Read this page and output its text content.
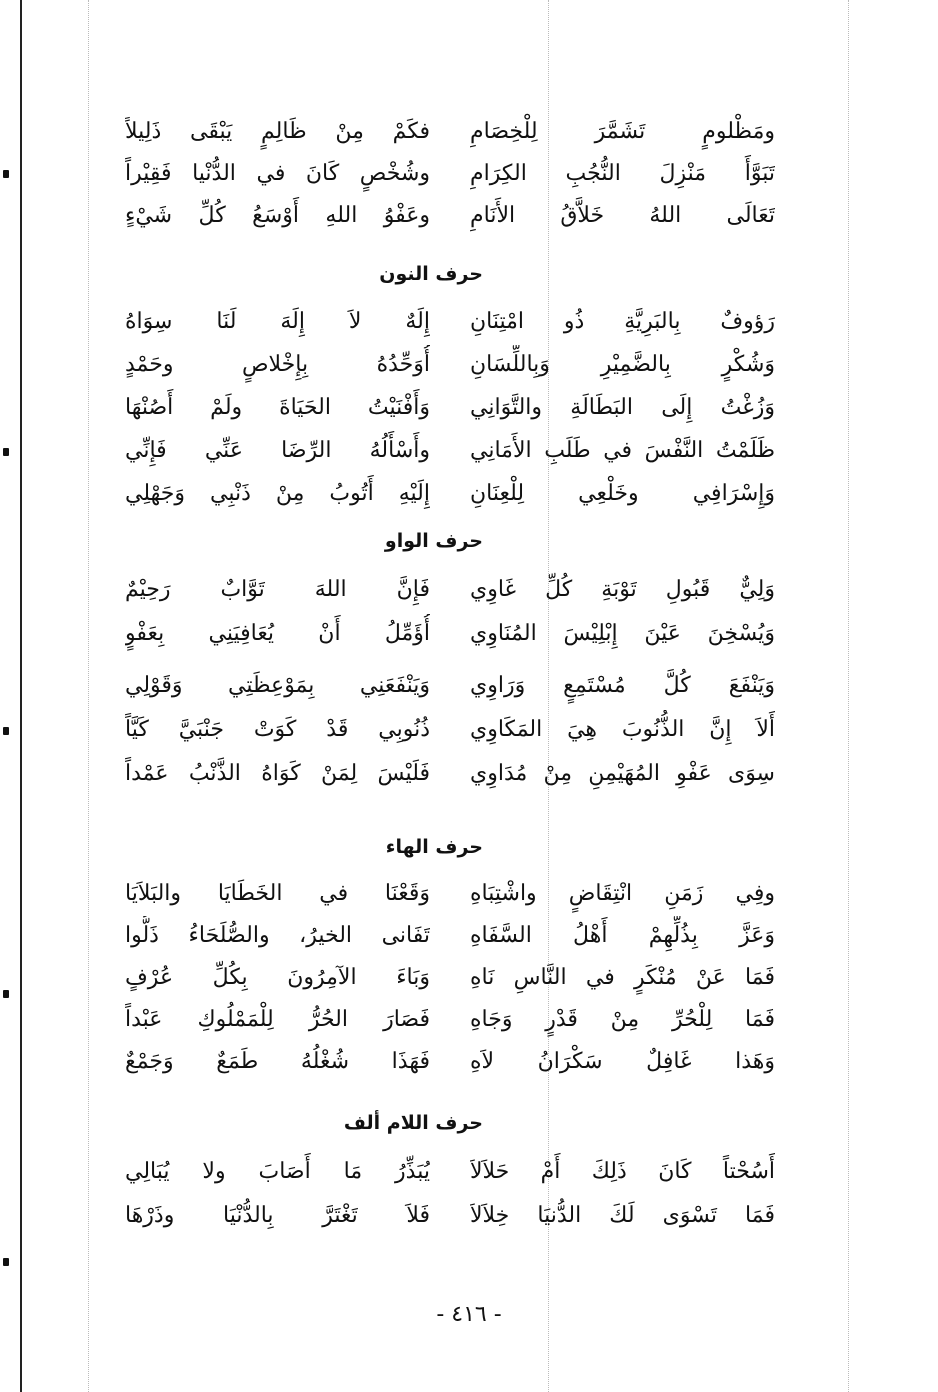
فكَمْ مِنْ ظَالِمٍ يَبْقَى ذَلِيلاً ومَظْلومٍ تَشَمَّرَ لِلْخِصَامِ
وشُخْصٍ كَانَ في الدُّنْيا فَقِيْراً تَبَوَّأَ مَنْزِلَ النُّجُبِ الكِرَامِ
وعَفْوُ اللهِ أَوْسَعُ كُلِّ شَيْءٍ تَعَالَى اللهُ خَلاَّقُ الأَنَامِ
حرف النون
إِلَهٌ لاَ إِلَهَ لَنَا سِوَاهُ رَؤوفٌ بِالبَرِيَّةِ ذُو امْتِنَانِ
أُوَحِّدُهُ بِإِخْلاصٍ وحَمْدٍ وَشُكْرٍ بِالضَّمِيْرِ وَبِاللِّسَانِ
وَأَفْنَيْتُ الحَيَاةَ ولَمْ أَصُنْهَا وَزُغْتُ إِلَى البَطَالَةِ والتَّوَانِي
وأَسْأَلُهُ الرِّضَا عَنِّي فَإِنِّي ظَلَمْتُ النَّفْسَ في طَلَبِ الأَمَانِي
إِلَيْهِ أَتُوبُ مِنْ ذَنْبِي وَجَهْلِي وَإِسْرَافِي وخَلْعِي لِلْعِنَانِ
حرف الواو
فَإِنَّ اللهَ تَوَّابٌ رَحِيْمٌ وَلِيٌّ قَبُولِ تَوْبَةِ كُلِّ غَاوِي
أُؤَمِّلُ أَنْ يُعَافِيَنِي بِعَفْوٍ وَيُسْخِنَ عَيْنَ إِبْلِيْسَ المُنَاوِي
وَيَنْفَعَنِي بِمَوْعِظَتِي وَقَوْلِي وَيَنْفَعَ كُلَّ مُسْتَمِعٍ وَرَاوِي
ذُنُوبِي قَدْ كَوَتْ جَنْبَيَّ كَيَّاً أَلاَ إِنَّ الذُّنُوبَ هِيَ المَكَاوِي
فَلَيْسَ لِمَنْ كَوَاهُ الذَّنْبُ عَمْداً سِوَى عَفْوِ المُهَيْمِنِ مِنْ مُدَاوِي
حرف الهاء
وَقَعْنَا في الخَطَايَا والبَلاَيَا وفِي زَمَنِ انْتِقَاضٍ واشْتِبَاهِ
تَفَانى الخيرُ، والصُّلَحَاءُ ذَلُّوا وَعَزَّ بِذُلِّهِمْ أَهْلُ السَّفَاهِ
وَبَاءَ الآمِرُونَ بِكُلِّ عُرْفٍ فَمَا عَنْ مُنْكَرٍ في النَّاسِ نَاهِ
فَصَارَ الحُرُّ لِلْمَمْلُوكِ عَبْداً فَمَا لِلْحُرِّ مِنْ قَدْرٍ وَجَاهِ
فَهَذَا شُغْلُهُ طَمَعٌ وَجَمْعٌ وَهَذا غَافِلٌ سَكْرَانُ لاَهِ
حرف اللام ألف
يُبَذِّرُ مَا أَصَابَ ولا يُبَالِي أَسُحْتاً كَانَ ذَلِكَ أَمْ حَلاَلاَ
فَلاَ تَغْتَرَّ بِالدُّنْيَا وذَرْهَا فَمَا تَسْوَى لَكَ الدُّنيَا خِلاَلاَ
- ٤١٦ -
